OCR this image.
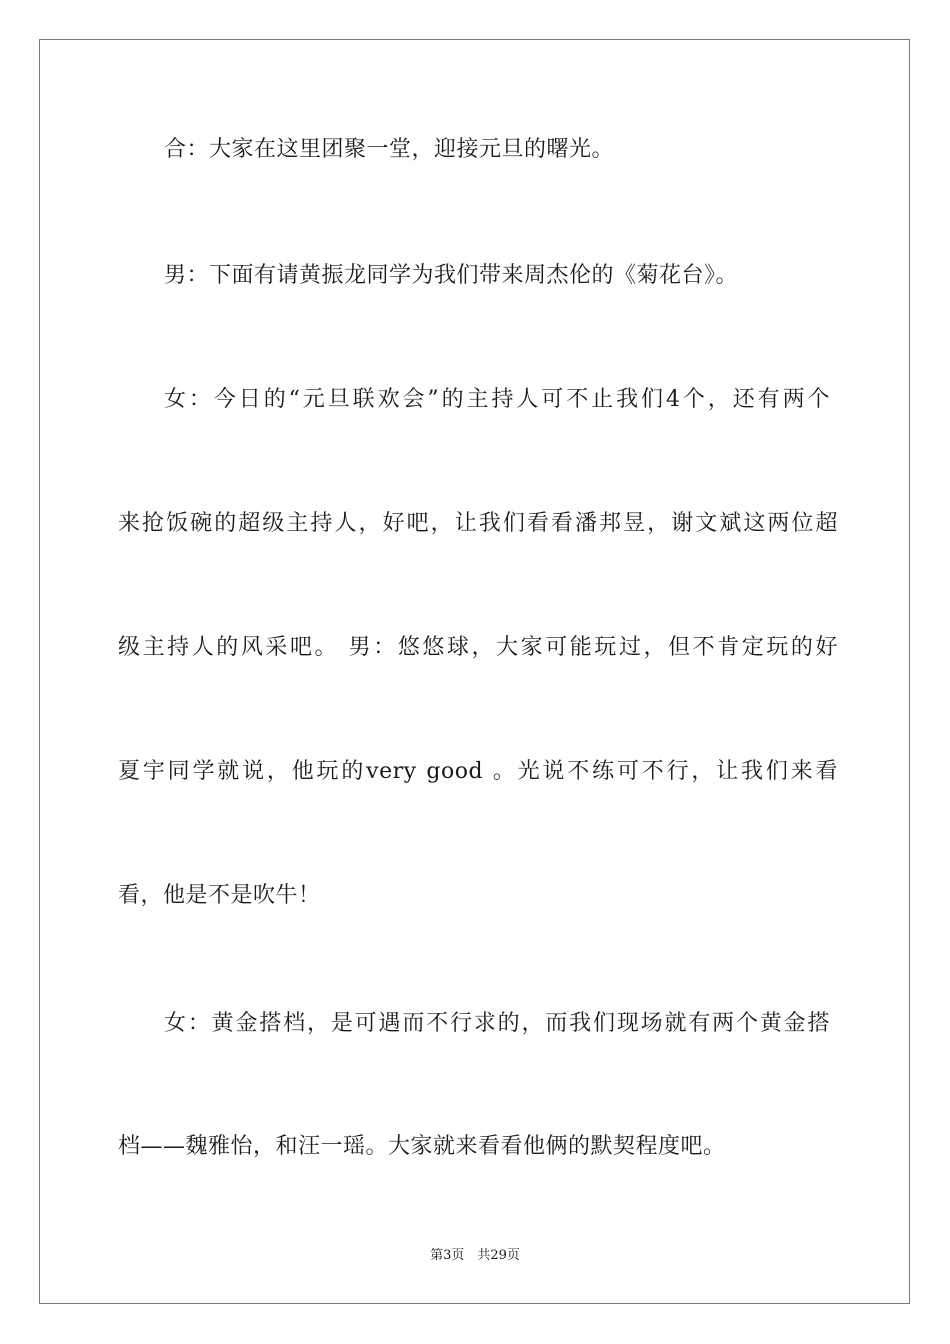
合：大家在这里团聚一堂，迎接元旦的曙光。
男：下面有请黄振龙同学为我们带来周杰伦的《菊花台》。
女：今日的“元旦联欢会”的主持人可不止我们4个，还有两个
来抢饭碗的超级主持人，好吧，让我们看看潘邦昱，谢文斌这两位超
级主持人的风采吧。 男：悠悠球，大家可能玩过，但不肯定玩的好
夏宇同学就说，他玩的very good 。光说不练可不行，让我们来看
看，他是不是吹牛！
女：黄金搭档，是可遇而不行求的，而我们现场就有两个黄金搭
档——魏雅怡，和汪一瑶。大家就来看看他俩的默契程度吧。
第3页　共29页
